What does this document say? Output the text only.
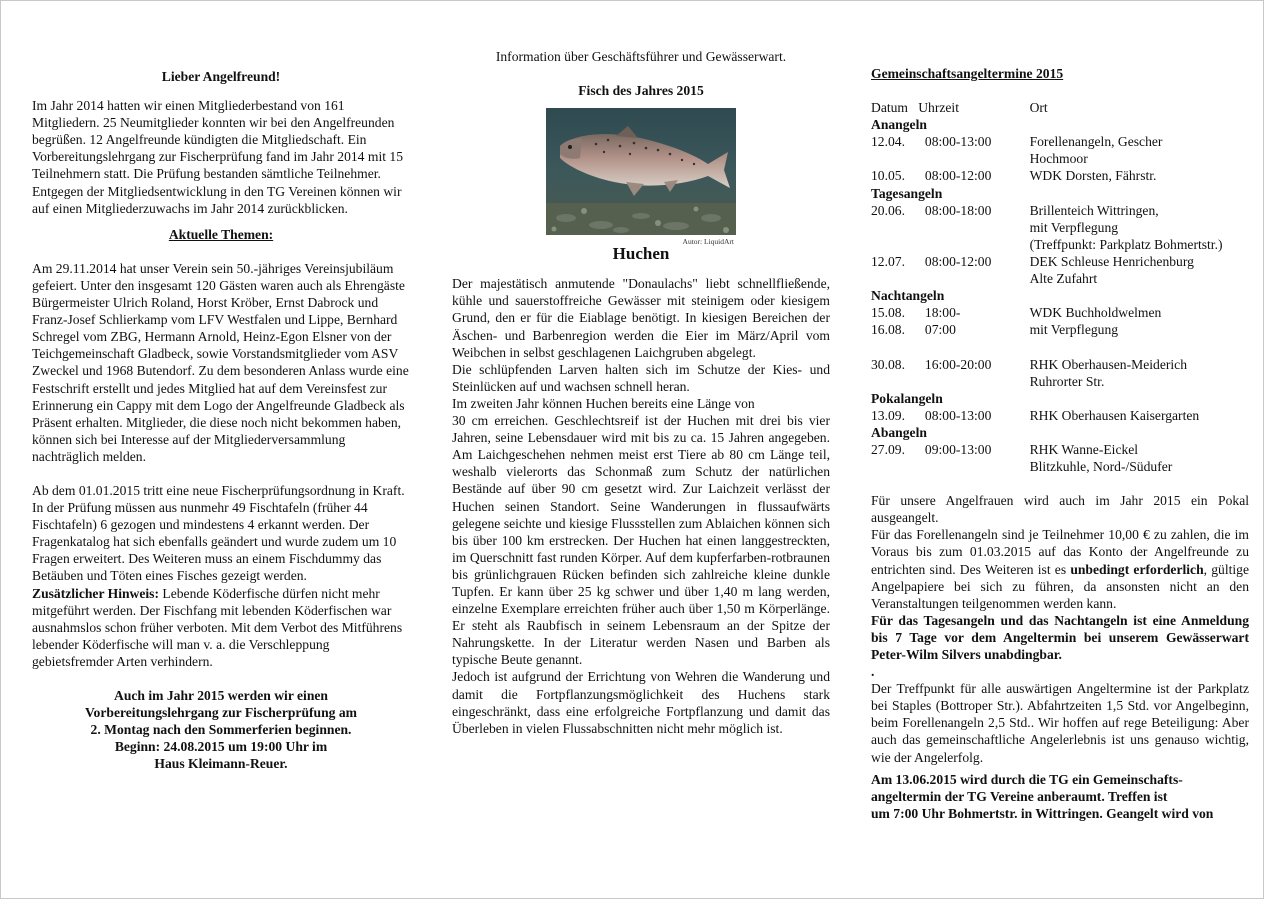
Lieber Angelfreund!

Im Jahr 2014 hatten wir einen Mitgliederbestand von 161 Mitgliedern. 25 Neumitglieder konnten wir bei den Angelfreunden begrüßen. 12 Angelfreunde kündigten die Mitgliedschaft. Ein Vorbereitungslehrgang zur Fischerprüfung fand im Jahr 2014 mit 15 Teilnehmern statt. Die Prüfung bestanden sämtliche Teilnehmer. Entgegen der Mitgliedsentwicklung in den TG Vereinen können wir auf einen Mitgliederzuwachs im Jahr 2014 zurückblicken.

Aktuelle Themen:

Am 29.11.2014 hat unser Verein sein 50.-jähriges Vereinsjubiläum gefeiert. Unter den insgesamt 120 Gästen waren auch als Ehrengäste Bürgermeister Ulrich Roland, Horst Kröber, Ernst Dabrock und Franz-Josef Schlierkamp vom LFV Westfalen und Lippe, Bernhard Schregel vom ZBG, Hermann Arnold, Heinz-Egon Elsner von der Teichgemeinschaft Gladbeck, sowie Vorstandsmitglieder vom ASV Zweckel und 1968 Butendorf. Zu dem besonderen Anlass wurde eine Festschrift erstellt und jedes Mitglied hat auf dem Vereinsfest zur Erinnerung ein Cappy mit dem Logo der Angelfreunde Gladbeck als Präsent erhalten. Mitglieder, die diese noch nicht bekommen haben, können sich bei Interesse auf der Mitgliederversammlung nachträglich melden.

Ab dem 01.01.2015 tritt eine neue Fischerprüfungsordnung in Kraft. In der Prüfung müssen aus nunmehr 49 Fischtafeln (früher 44 Fischtafeln) 6 gezogen und mindestens 4 erkannt werden. Der Fragenkatalog hat sich ebenfalls geändert und wurde zudem um 10 Fragen erweitert. Des Weiteren muss an einem Fischdummy das Betäuben und Töten eines Fisches gezeigt werden.

Zusätzlicher Hinweis: Lebende Köderfische dürfen nicht mehr mitgeführt werden. Der Fischfang mit lebenden Köderfischen war ausnahmslos schon früher verboten. Mit dem Verbot des Mitführens lebender Köderfische will man v. a. die Verschleppung gebietsfremder Arten verhindern.

Auch im Jahr 2015 werden wir einen

Vorbereitungslehrgang zur Fischerprüfung am

2. Montag nach den Sommerferien beginnen.

Beginn: 24.08.2015 um 19:00 Uhr im

Haus Kleimann-Reuer.

Information über Geschäftsführer und Gewässerwart.

Fisch des Jahres 2015

Autor: LiquidArt

Huchen

Der majestätisch anmutende "Donaulachs" liebt schnellfließende, kühle und sauerstoffreiche Gewässer mit steinigem oder kiesigem Grund, den er für die Eiablage benötigt. In kiesigen Bereichen der Äschen- und Barbenregion werden die Eier im März/April vom Weibchen in selbst geschlagenen Laichgruben abgelegt.

Die schlüpfenden Larven halten sich im Schutze der Kies- und Steinlücken auf und wachsen schnell heran.

Im zweiten Jahr können Huchen bereits eine Länge von

30 cm erreichen. Geschlechtsreif ist der Huchen mit drei bis vier Jahren, seine Lebensdauer wird mit bis zu ca. 15 Jahren angegeben. Am Laichgeschehen nehmen meist erst Tiere ab 80 cm Länge teil, weshalb vielerorts das Schonmaß zum Schutz der natürlichen Bestände auf über 90 cm gesetzt wird. Zur Laichzeit verlässt der Huchen seinen Standort. Seine Wanderungen in flussaufwärts gelegene seichte und kiesige Flussstellen zum Ablaichen können sich bis über 100 km erstrecken. Der Huchen hat einen langgestreckten, im Querschnitt fast runden Körper. Auf dem kupferfarben-rotbraunen bis grünlichgrauen Rücken befinden sich zahlreiche kleine dunkle Tupfen. Er kann über 25 kg schwer und über 1,40 m lang werden, einzelne Exemplare erreichten früher auch über 1,50 m Körperlänge. Er steht als Raubfisch in seinem Lebensraum an der Spitze der Nahrungskette. In der Literatur werden Nasen und Barben als typische Beute genannt.

Jedoch ist aufgrund der Errichtung von Wehren die Wanderung und damit die Fortpflanzungsmöglichkeit des Huchens stark eingeschränkt, dass eine erfolgreiche Fortpflanzung und damit das Überleben in vielen Flussabschnitten nicht mehr möglich ist.

Gemeinschaftsangeltermine 2015

Datum Uhrzeit		Ort
Anangeln		
12.04.	08:00-13:00	Forellenangeln, Gescher
		Hochmoor
10.05.	08:00-12:00	WDK Dorsten, Fährstr.
Tagesangeln		
20.06.	08:00-18:00	Brillenteich Wittringen,
		mit Verpflegung
		(Treffpunkt: Parkplatz Bohmertstr.)
12.07.	08:00-12:00	DEK Schleuse Henrichenburg
		Alte Zufahrt
Nachtangeln		
15.08.	18:00-	WDK Buchholdwelmen
16.08.	07:00	mit Verpflegung

30.08.	16:00-20:00	RHK Oberhausen-Meiderich
		Ruhrorter Str.
Pokalangeln		
13.09.	08:00-13:00	RHK Oberhausen Kaisergarten
Abangeln		
27.09.	09:00-13:00	RHK Wanne-Eickel
		Blitzkuhle, Nord-/Südufer

Für unsere Angelfrauen wird auch im Jahr 2015 ein Pokal ausgeangelt.

Für das Forellenangeln sind je Teilnehmer 10,00 € zu zahlen, die im Voraus bis zum 01.03.2015 auf das Konto der Angelfreunde zu entrichten sind. Des Weiteren ist es unbedingt erforderlich, gültige Angelpapiere bei sich zu führen, da ansonsten nicht an den Veranstaltungen teilgenommen werden kann.

Für das Tagesangeln und das Nachtangeln ist eine Anmeldung bis 7 Tage vor dem Angeltermin bei unserem Gewässerwart Peter-Wilm Silvers unabdingbar.

.

Der Treffpunkt für alle auswärtigen Angeltermine ist der Parkplatz bei Staples (Bottroper Str.). Abfahrtzeiten 1,5 Std. vor Angelbeginn, beim Forellenangeln 2,5 Std.. Wir hoffen auf rege Beteiligung: Aber auch das gemeinschaftliche Angelerlebnis ist uns genauso wichtig, wie der Angelerfolg.

Am 13.06.2015 wird durch die TG ein Gemeinschafts-

angeltermin der TG Vereine anberaumt. Treffen ist

um 7:00 Uhr Bohmertstr. in Wittringen. Geangelt wird von
